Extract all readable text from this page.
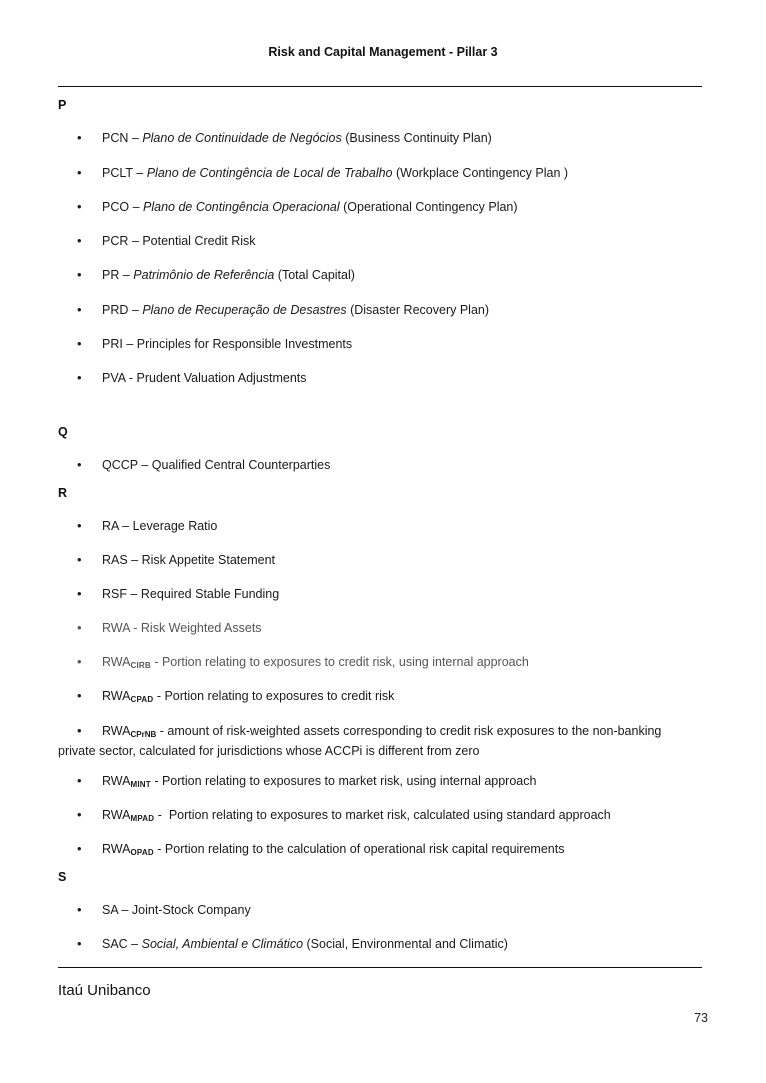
Risk and Capital Management - Pillar 3
P
• PCN – Plano de Continuidade de Negócios (Business Continuity Plan)
• PCLT – Plano de Contingência de Local de Trabalho (Workplace Contingency Plan )
• PCO – Plano de Contingência Operacional (Operational Contingency Plan)
• PCR – Potential Credit Risk
• PR – Patrimônio de Referência (Total Capital)
• PRD – Plano de Recuperação de Desastres (Disaster Recovery Plan)
• PRI – Principles for Responsible Investments
• PVA - Prudent Valuation Adjustments
Q
• QCCP – Qualified Central Counterparties
R
• RA – Leverage Ratio
• RAS – Risk Appetite Statement
• RSF – Required Stable Funding
• RWA - Risk Weighted Assets
• $RWA_{CIRB}$ - Portion relating to exposures to credit risk, using internal approach
• $RWA_{CPAD}$ - Portion relating to exposures to credit risk
• $RWA_{CPrNB}$ - amount of risk-weighted assets corresponding to credit risk exposures to the non-banking
private sector, calculated for jurisdictions whose ACCPi is different from zero
• $RWA_{MINT}$ - Portion relating to exposures to market risk, using internal approach
• $RWA_{MPAD}$ -  Portion relating to exposures to market risk, calculated using standard approach
• $RWA_{OPAD}$ - Portion relating to the calculation of operational risk capital requirements
S
• SA – Joint-Stock Company
• SAC – Social, Ambiental e Climático (Social, Environmental and Climatic)
Itaú Unibanco
73
